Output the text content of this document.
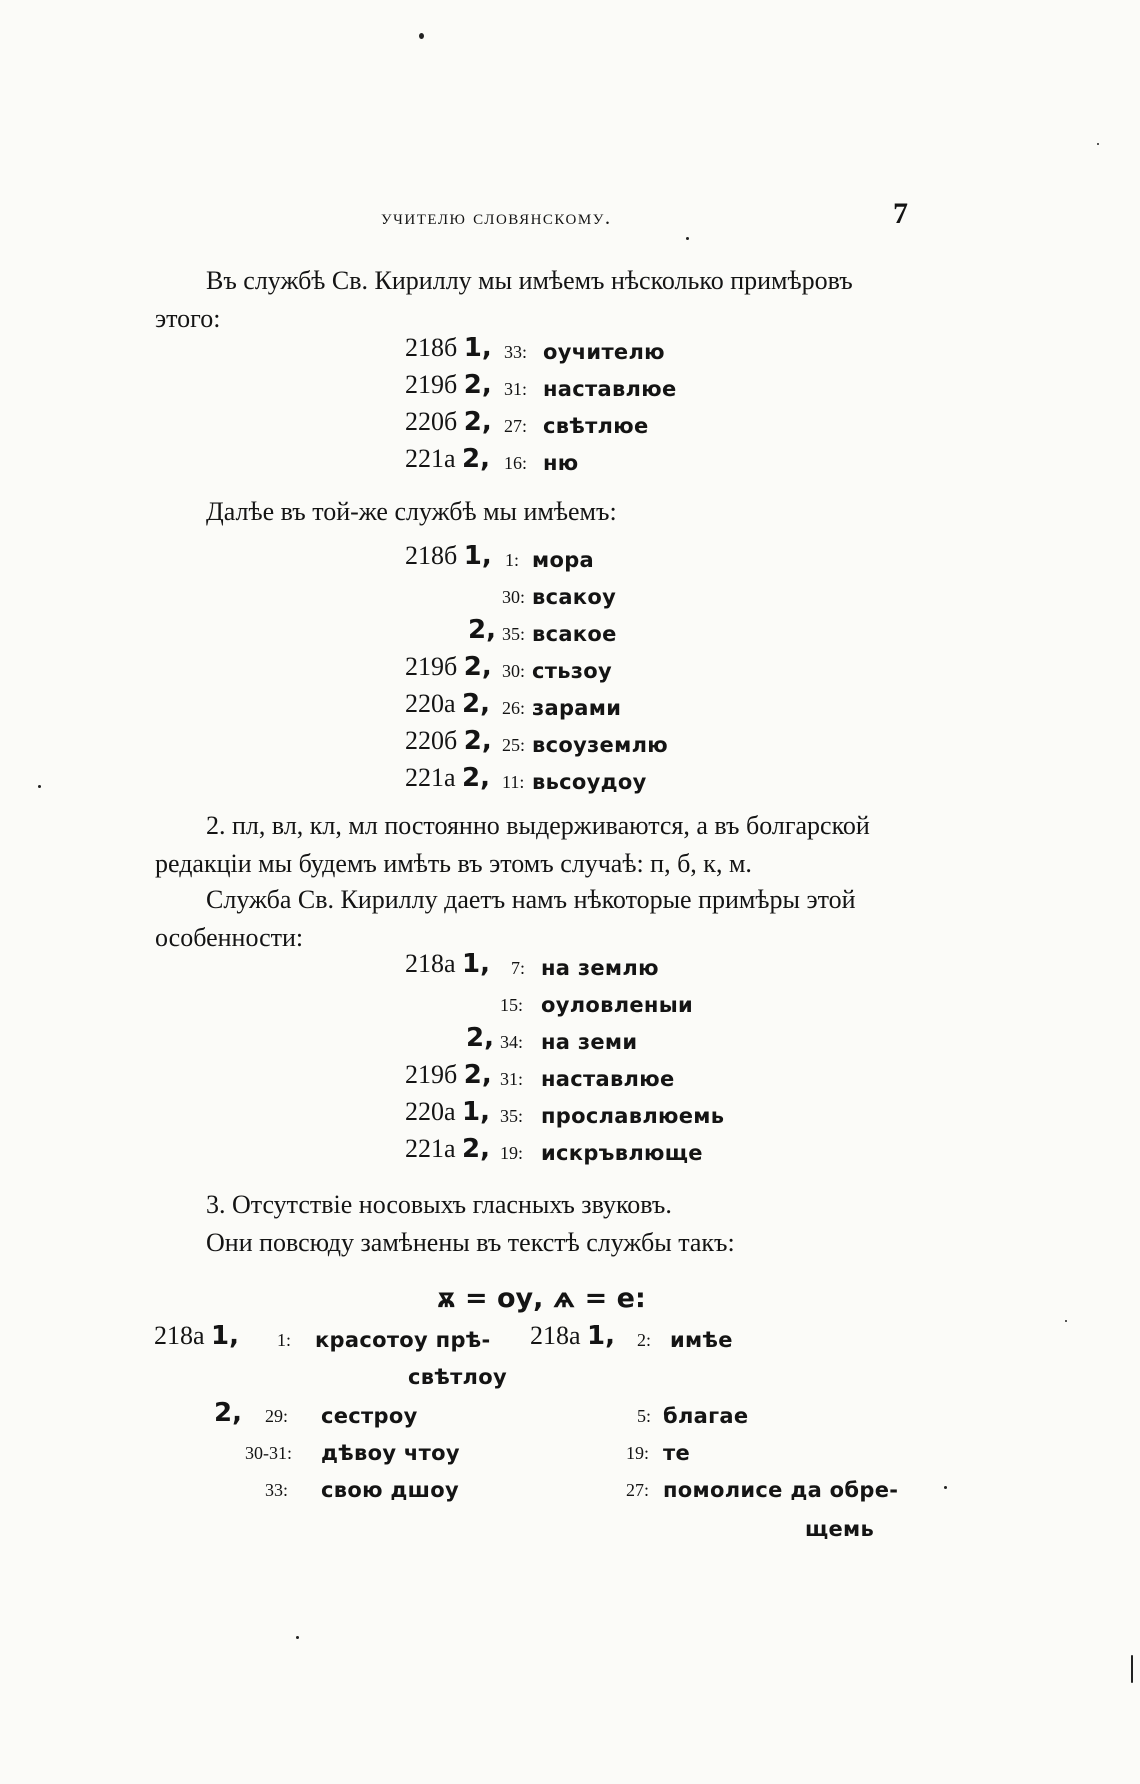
учителю словянскому.	7
Въ службѣ Св. Кириллу мы имѣемъ нѣсколько примѣровъ
этого:
218б 1, 33: оучителю
219б 2, 31: наставлюе
220б 2, 27: свѣтлюе
221а 2, 16: ню
Далѣе въ той-же службѣ мы имѣемъ:
218б 1, 1: мора
30: всакоу
2, 35: всакое
219б 2, 30: стьзоу
220а 2, 26: зарами
220б 2, 25: всоуземлю
221а 2, 11: вьсоудоу
2. пл, вл, кл, мл постоянно выдерживаются, а въ болгарской
редакціи мы будемъ имѣть въ этомъ случаѣ: п, б, к, м.
Служба Св. Кириллу даетъ намъ нѣкоторые примѣры этой
особенности:
218а 1, 7: на землю
15: оуловленыи
2, 34: на земи
219б 2, 31: наставлюе
220а 1, 35: прославлюемь
221а 2, 19: искръвлюще
3. Отсутствіе носовыхъ гласныхъ звуковъ.
Они повсюду замѣнены въ текстѣ службы такъ:
ѫ = оу, ѧ = е:
218а 1, 1: красотоу прѣ-
свѣтлоу
2, 29: сестроу
30-31: дѣвоу чтоу
33: свою дшоу
218а 1, 2: имѣе
5: благае
19: те
27: помолисе да обре-
щемь
